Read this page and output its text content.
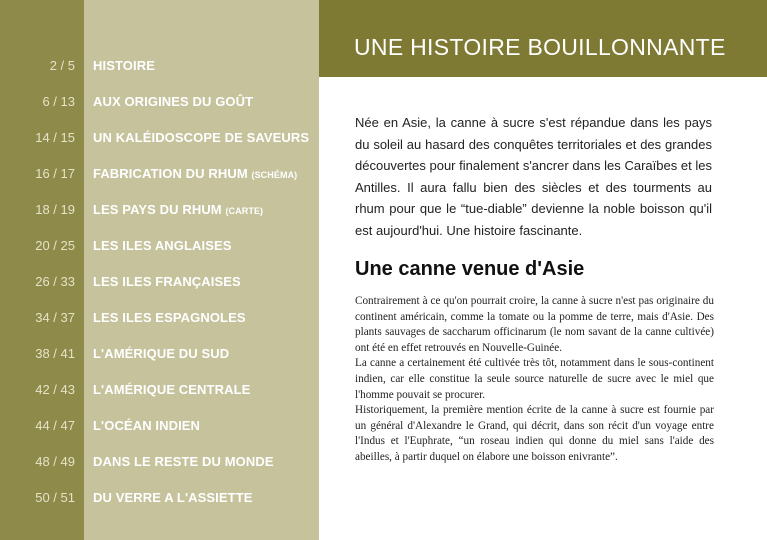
2 / 5 HISTOIRE
6 / 13 AUX ORIGINES DU GOÛT
14 / 15 UN KALÉIDOSCOPE DE SAVEURS
16 / 17 FABRICATION DU RHUM (SCHÉMA)
18 / 19 LES PAYS DU RHUM (CARTE)
20 / 25 LES ILES ANGLAISES
26 / 33 LES ILES FRANÇAISES
34 / 37 LES ILES ESPAGNOLES
38 / 41 L'AMÉRIQUE DU SUD
42 / 43 L'AMÉRIQUE CENTRALE
44 / 47 L'OCÉAN INDIEN
48 / 49 DANS LE RESTE DU MONDE
50 / 51 DU VERRE A L'ASSIETTE
UNE HISTOIRE BOUILLONNANTE
Née en Asie, la canne à sucre s'est répandue dans les pays du soleil au hasard des conquêtes territoriales et des grandes découvertes pour finalement s'ancrer dans les Caraïbes et les Antilles. Il aura fallu bien des siècles et des tourments au rhum pour que le “tue-diable” devienne la noble boisson qu'il est aujourd'hui. Une histoire fascinante.
Une canne venue d'Asie

Contrairement à ce qu'on pourrait croire, la canne à sucre n'est pas originaire du continent américain, comme la tomate ou la pomme de terre, mais d'Asie. Des plants sauvages de saccharum officinarum (le nom savant de la canne cultivée) ont été en effet retrouvés en Nouvelle-Guinée.

La canne a certainement été cultivée très tôt, notamment dans le sous-continent indien, car elle constitue la seule source naturelle de sucre avec le miel que l'homme pouvait se procurer.

Historiquement, la première mention écrite de la canne à sucre est fournie par un général d'Alexandre le Grand, qui décrit, dans son récit d'un voyage entre l'Indus et l'Euphrate, “un roseau indien qui donne du miel sans l'aide des abeilles, à partir duquel on élabore une boisson enivrante”.
